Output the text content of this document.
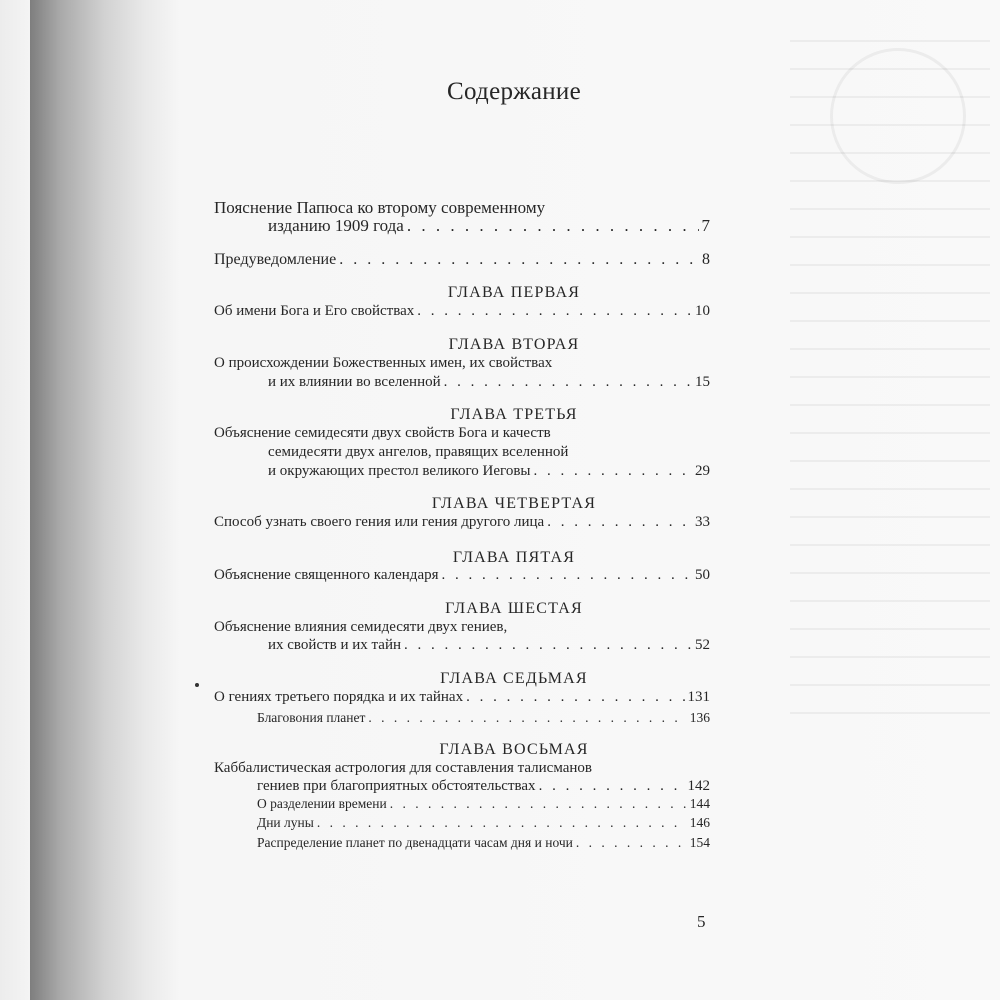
Содержание
Пояснение Папюса ко второму современному
изданию 1909 года . . .	7
Предуведомление . . .	8
ГЛАВА ПЕРВАЯ
Об имени Бога и Его свойствах . . .	10
ГЛАВА ВТОРАЯ
О происхождении Божественных имен, их свойствах
и их влиянии во вселенной . . .	15
ГЛАВА ТРЕТЬЯ
Объяснение семидесяти двух свойств Бога и качеств
семидесяти двух ангелов, правящих вселенной
и окружающих престол великого Иеговы . . .	29
ГЛАВА ЧЕТВЕРТАЯ
Способ узнать своего гения или гения другого лица . . .	33
ГЛАВА ПЯТАЯ
Объяснение священного календаря . . .	50
ГЛАВА ШЕСТАЯ
Объяснение влияния семидесяти двух гениев,
их свойств и их тайн . . .	52
ГЛАВА СЕДЬМАЯ
О гениях третьего порядка и их тайнах . . .	131
Благовония планет . . .	136
ГЛАВА ВОСЬМАЯ
Каббалистическая астрология для составления талисманов
гениев при благоприятных обстоятельствах . . .	142
О разделении времени . . .	144
Дни луны . . .	146
Распределение планет по двенадцати часам дня и ночи . . .	154
5
